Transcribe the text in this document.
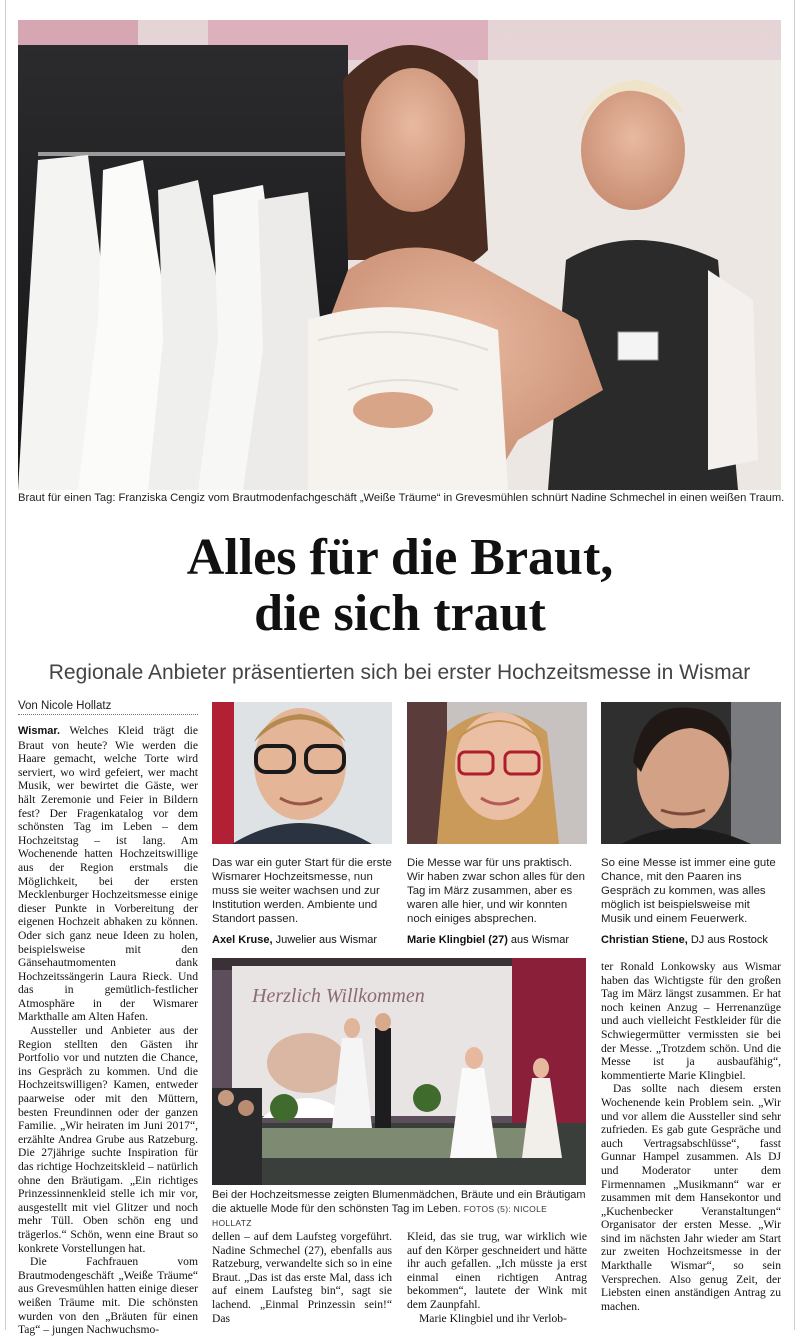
Braut für einen Tag: Franziska Cengiz vom Brautmodenfachgeschäft „Weiße Träume“ in Grevesmühlen schnürt Nadine Schmechel in einen weißen Traum.
Alles für die Braut,
die sich traut
Regionale Anbieter präsentierten sich bei erster Hochzeitsmesse in Wismar
Von Nicole Hollatz

Wismar. Welches Kleid trägt die Braut von heute? Wie werden die Haare gemacht, welche Torte wird serviert, wo wird gefeiert, wer macht Musik, wer bewirtet die Gäste, wer hält Zeremonie und Feier in Bildern fest? Der Fragenkatalog vor dem schönsten Tag im Leben – dem Hochzeitstag – ist lang. Am Wochenende hatten Hochzeitswillige aus der Region erstmals die Möglichkeit, bei der ersten Mecklenburger Hochzeitsmesse einige dieser Punkte in Vorbereitung der eigenen Hochzeit abhaken zu können. Oder sich ganz neue Ideen zu holen, beispielsweise mit den Gänsehautmomenten dank Hochzeitssängerin Laura Rieck. Und das in gemütlich-festlicher Atmosphäre in der Wismarer Markthalle am Alten Hafen.

Aussteller und Anbieter aus der Region stellten den Gästen ihr Portfolio vor und nutzten die Chance, ins Gespräch zu kommen. Und die Hochzeitswilligen? Kamen, entweder paarweise oder mit den Müttern, besten Freundinnen oder der ganzen Familie. „Wir heiraten im Juni 2017“, erzählte Andrea Grube aus Ratzeburg. Die 27jährige suchte Inspiration für das richtige Hochzeitskleid – natürlich ohne den Bräutigam. „Ein richtiges Prinzessinnenkleid stelle ich mir vor, ausgestellt mit viel Glitzer und noch mehr Tüll. Oben schön eng und trägerlos.“ Schön, wenn eine Braut so konkrete Vorstellungen hat.

Die Fachfrauen vom Brautmodengeschäft „Weiße Träume“ aus Grevesmühlen hatten einige dieser weißen Träume mit. Die schönsten wurden von den „Bräuten für einen Tag“ – jungen Nachwuchsmo-

Das war ein guter Start für die erste Wismarer Hochzeitsmesse, nun muss sie weiter wachsen und zur Institution werden. Ambiente und Standort passen.
Axel Kruse, Juwelier aus Wismar
Die Messe war für uns praktisch. Wir haben zwar schon alles für den Tag im März zusammen, aber es waren alle hier, und wir konnten noch einiges absprechen.
Marie Klingbiel (27) aus Wismar
So eine Messe ist immer eine gute Chance, mit den Paaren ins Gespräch zu kommen, was alles möglich ist beispielsweise mit Musik und einem Feuerwerk.
Christian Stiene, DJ aus Rostock
Herzlich Willkommen
Bei der Hochzeitsmesse zeigten Blumenmädchen, Bräute und ein Bräutigam die aktuelle Mode für den schönsten Tag im Leben. FOTOS (5): NICOLE HOLLATZ

dellen – auf dem Laufsteg vorgeführt. Nadine Schmechel (27), ebenfalls aus Ratzeburg, verwandelte sich so in eine Braut. „Das ist das erste Mal, dass ich auf einem Laufsteg bin“, sagt sie lachend. „Einmal Prinzessin sein!“ Das

Kleid, das sie trug, war wirklich wie auf den Körper geschneidert und hätte ihr auch gefallen. „Ich müsste ja erst einmal einen richtigen Antrag bekommen“, lautete der Wink mit dem Zaunpfahl.

Marie Klingbiel und ihr Verlob-

ter Ronald Lonkowsky aus Wismar haben das Wichtigste für den großen Tag im März längst zusammen. Er hat noch keinen Anzug – Herrenanzüge und auch vielleicht Festkleider für die Schwiegermütter vermissten sie bei der Messe. „Trotzdem schön. Und die Messe ist ja ausbaufähig“, kommentierte Marie Klingbiel.

Das sollte nach diesem ersten Wochenende kein Problem sein. „Wir und vor allem die Aussteller sind sehr zufrieden. Es gab gute Gespräche und auch Vertragsabschlüsse“, fasst Gunnar Hampel zusammen. Als DJ und Moderator unter dem Firmennamen „Musikmann“ war er zusammen mit dem Hansekontor und „Kuchenbecker Veranstaltungen“ Organisator der ersten Messe. „Wir sind im nächsten Jahr wieder am Start zur zweiten Hochzeitsmesse in der Markthalle Wismar“, so sein Versprechen. Also genug Zeit, der Liebsten einen anständigen Antrag zu machen.
